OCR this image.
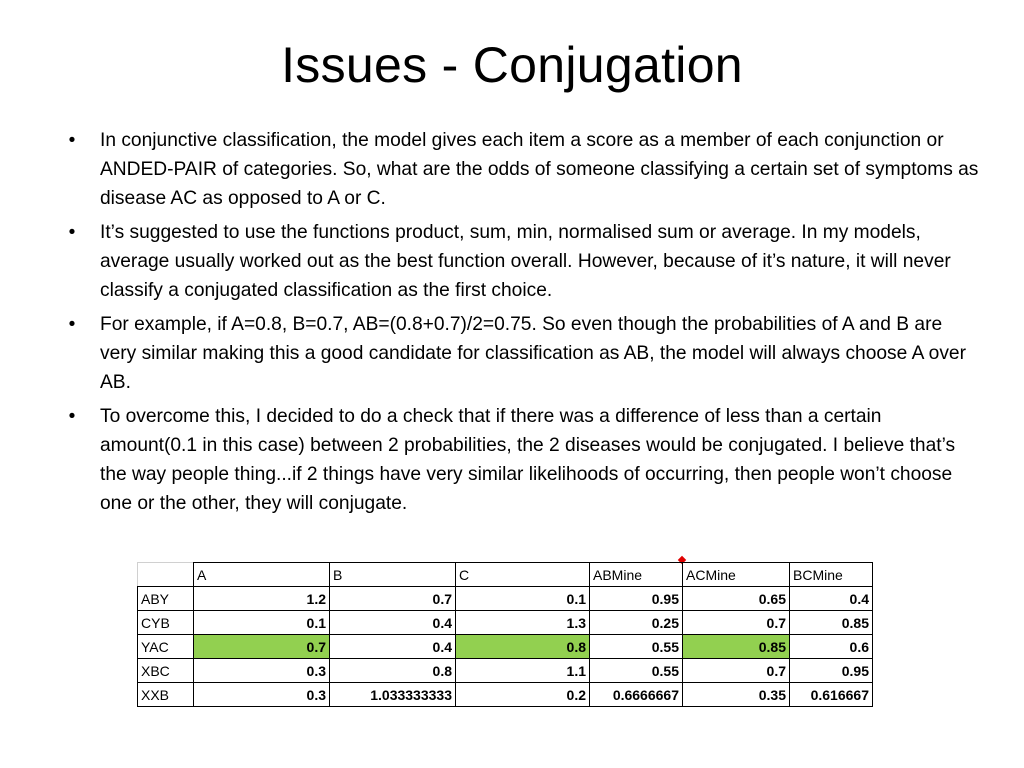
Issues - Conjugation
•	In conjunctive classification, the model gives each item a score as a member of each conjunction or ANDED-PAIR of categories. So, what are the odds of someone classifying a certain set of symptoms as disease AC as opposed to A or C.
•	It’s suggested to use the functions product, sum, min, normalised sum or average. In my models, average usually worked out as the best function overall. However, because of it’s nature, it will never classify a conjugated classification as the first choice.
•	For example, if A=0.8, B=0.7, AB=(0.8+0.7)/2=0.75. So even though the probabilities of A and B are very similar making this a good candidate for classification as AB, the model will always choose A over AB.
•	To overcome this, I decided to do a check that if there was a difference of less than a certain amount(0.1 in this case) between 2 probabilities, the 2 diseases would be conjugated. I believe that’s the way people thing...if 2 things have very similar likelihoods of occurring, then people won’t choose one or the other, they will conjugate.
	A	B	C	ABMine	ACMine	BCMine
ABY	1.2	0.7	0.1	0.95	0.65	0.4
CYB	0.1	0.4	1.3	0.25	0.7	0.85
YAC	0.7	0.4	0.8	0.55	0.85	0.6
XBC	0.3	0.8	1.1	0.55	0.7	0.95
XXB	0.3	1.033333333	0.2	0.6666667	0.35	0.616667
